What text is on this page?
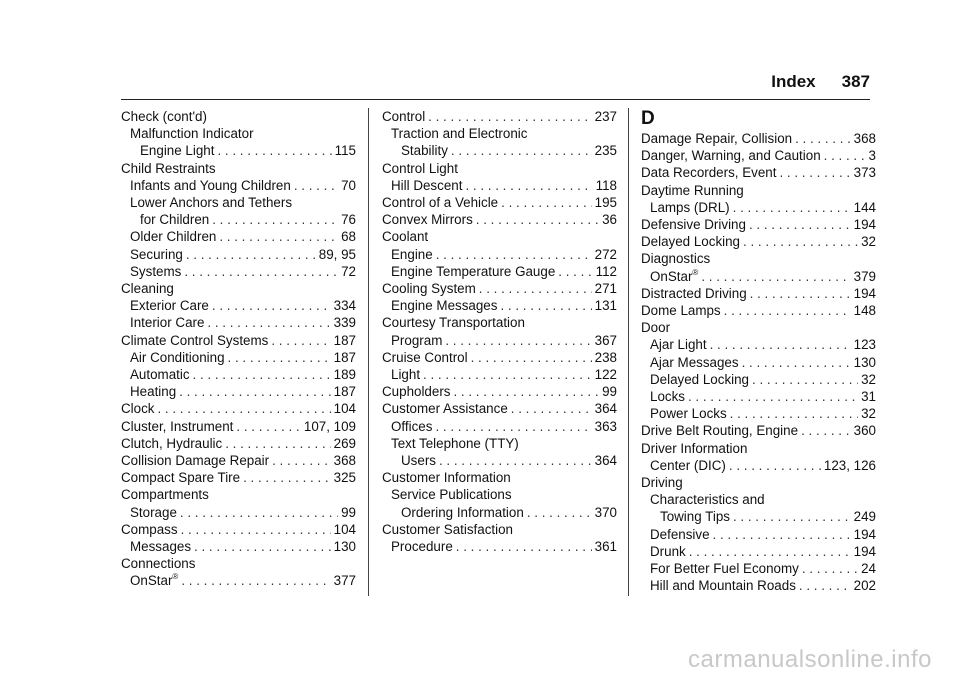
Index 387
Check (cont'd)
Malfunction Indicator
Engine Light . . .	115
Child Restraints
Infants and Young Children . . .	70
Lower Anchors and Tethers
for Children . . .	76
Older Children . . .	68
Securing . . .	89, 95
Systems . . .	72
Cleaning
Exterior Care . . .	334
Interior Care . . .	339
Climate Control Systems . . .	187
Air Conditioning . . .	187
Automatic . . .	189
Heating . . .	187
Clock . . .	104
Cluster, Instrument . . .	107, 109
Clutch, Hydraulic . . .	269
Collision Damage Repair . . .	368
Compact Spare Tire . . .	325
Compartments
Storage . . .	99
Compass . . .	104
Messages . . .	130
Connections
OnStar® . . .	377
Control . . .	237
Traction and Electronic
Stability . . .	235
Control Light
Hill Descent . . .	118
Control of a Vehicle . . .	195
Convex Mirrors . . .	36
Coolant
Engine . . .	272
Engine Temperature Gauge . . .	112
Cooling System . . .	271
Engine Messages . . .	131
Courtesy Transportation
Program . . .	367
Cruise Control . . .	238
Light . . .	122
Cupholders . . .	99
Customer Assistance . . .	364
Offices . . .	363
Text Telephone (TTY)
Users . . .	364
Customer Information
Service Publications
Ordering Information . . .	370
Customer Satisfaction
Procedure . . .	361
D
Damage Repair, Collision . . .	368
Danger, Warning, and Caution . . .	3
Data Recorders, Event . . .	373
Daytime Running
Lamps (DRL) . . .	144
Defensive Driving . . .	194
Delayed Locking . . .	32
Diagnostics
OnStar® . . .	379
Distracted Driving . . .	194
Dome Lamps . . .	148
Door
Ajar Light . . .	123
Ajar Messages . . .	130
Delayed Locking . . .	32
Locks . . .	31
Power Locks . . .	32
Drive Belt Routing, Engine . . .	360
Driver Information
Center (DIC) . . .	123, 126
Driving
Characteristics and
Towing Tips . . .	249
Defensive . . .	194
Drunk . . .	194
For Better Fuel Economy . . .	24
Hill and Mountain Roads . . .	202
carmanualsonline.info
